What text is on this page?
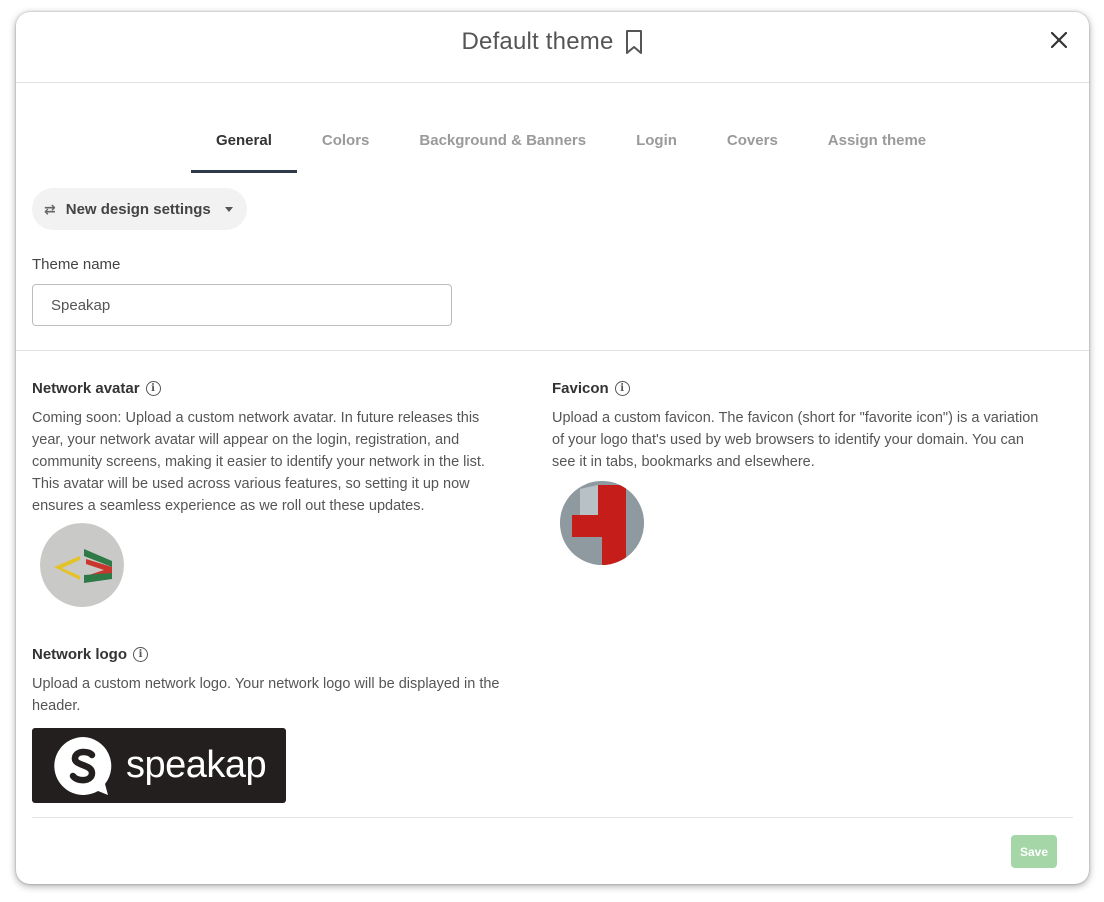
Default theme
General	Colors	Background & Banners	Login	Covers	Assign theme
⇄ New design settings
Theme name
Speakap
Network avatar	i
Coming soon: Upload a custom network avatar. In future releases this year, your network avatar will appear on the login, registration, and community screens, making it easier to identify your network in the list. This avatar will be used across various features, so setting it up now ensures a seamless experience as we roll out these updates.
Favicon	i
Upload a custom favicon. The favicon (short for "favorite icon") is a variation of your logo that's used by web browsers to identify your domain. You can see it in tabs, bookmarks and elsewhere.
Network logo	i
Upload a custom network logo. Your network logo will be displayed in the header.
speakap
Save
